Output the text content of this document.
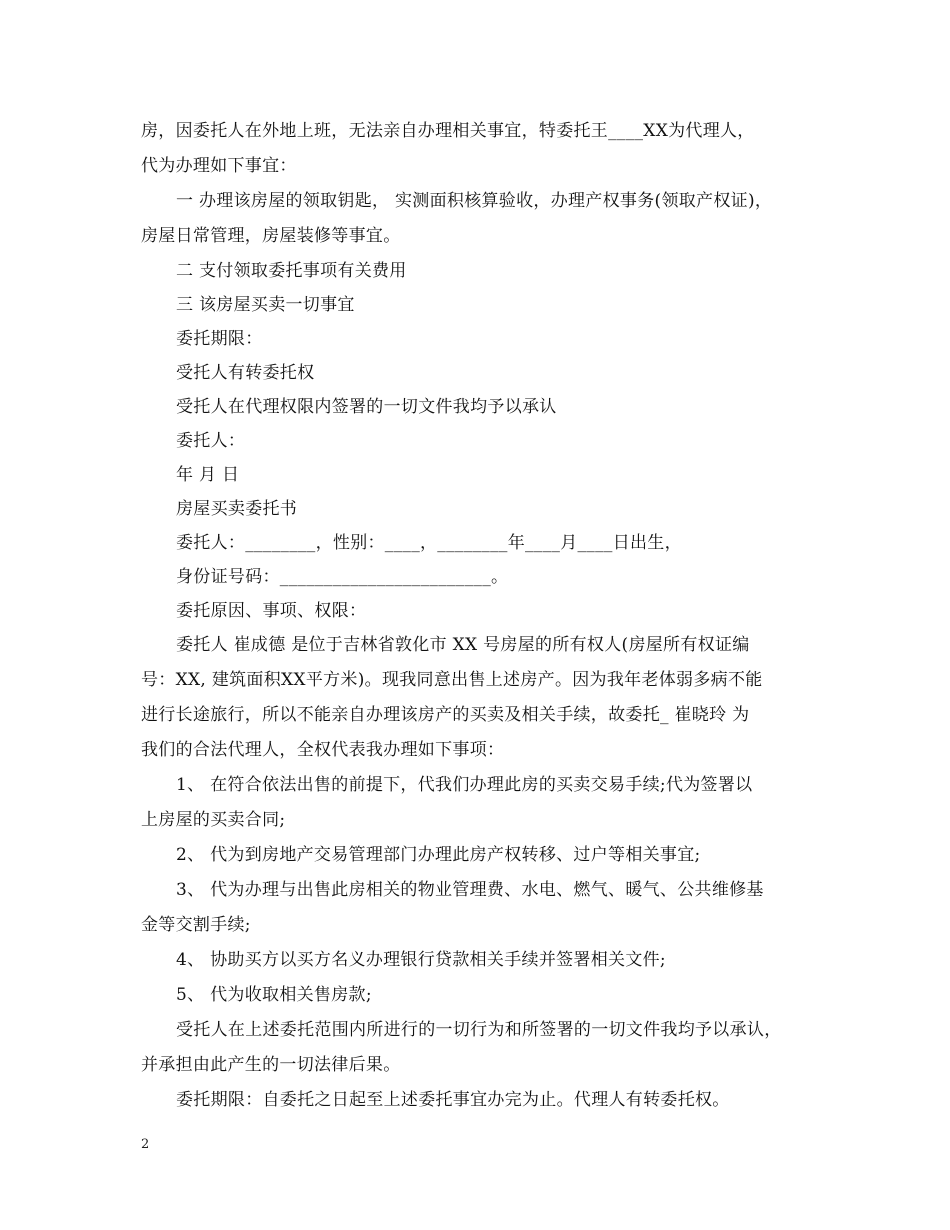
房，因委托人在外地上班，无法亲自办理相关事宜，特委托王____XX为代理人，
代为办理如下事宜：
一 办理该房屋的领取钥匙， 实测面积核算验收，办理产权事务(领取产权证)，
房屋日常管理，房屋装修等事宜。
二 支付领取委托事项有关费用
三 该房屋买卖一切事宜
委托期限：
受托人有转委托权
受托人在代理权限内签署的一切文件我均予以承认
委托人：
年 月 日
房屋买卖委托书
委托人：________，性别：____，________年____月____日出生，
身份证号码：________________________。
委托原因、事项、权限：
委托人 崔成德 是位于吉林省敦化市 XX 号房屋的所有权人(房屋所有权证编
号：XX, 建筑面积XX平方米)。现我同意出售上述房产。因为我年老体弱多病不能
进行长途旅行，所以不能亲自办理该房产的买卖及相关手续，故委托_ 崔晓玲 为
我们的合法代理人，全权代表我办理如下事项：
1、 在符合依法出售的前提下，代我们办理此房的买卖交易手续;代为签署以
上房屋的买卖合同;
2、 代为到房地产交易管理部门办理此房产权转移、过户等相关事宜;
3、 代为办理与出售此房相关的物业管理费、水电、燃气、暖气、公共维修基
金等交割手续;
4、 协助买方以买方名义办理银行贷款相关手续并签署相关文件;
5、 代为收取相关售房款;
受托人在上述委托范围内所进行的一切行为和所签署的一切文件我均予以承认，
并承担由此产生的一切法律后果。
委托期限：自委托之日起至上述委托事宜办完为止。代理人有转委托权。
2
